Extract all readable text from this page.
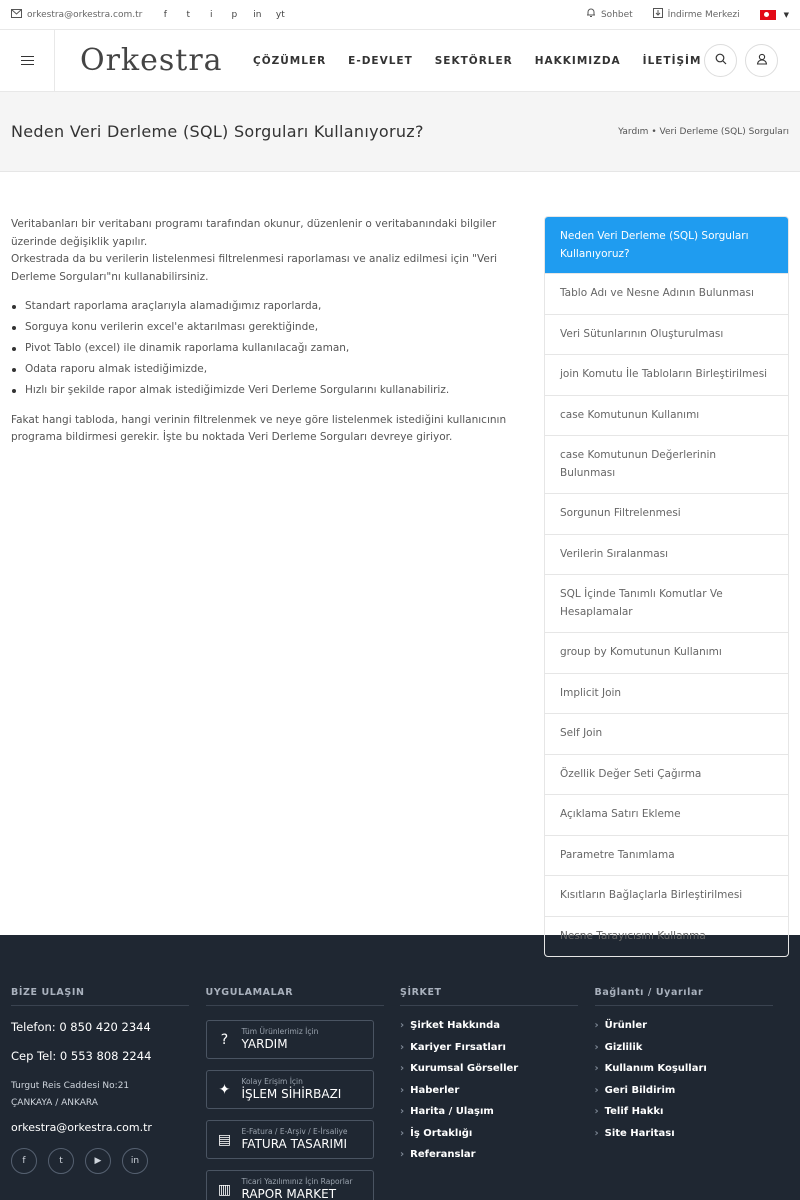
orkestra@orkestra.com.tr	f	t	i	p in yt	Sohbet	İndirme Merkezi	▼
Orkestra	ÇÖZÜMLER E-DEVLET SEKTÖRLER HAKKIMIZDA İLETİŞİM
Neden Veri Derleme (SQL) Sorguları Kullanıyoruz?	Yardım • Veri Derleme (SQL) Sorguları

Veritabanları bir veritabanı programı tarafından okunur, düzenlenir o veritabanındaki bilgiler üzerinde değişiklik yapılır.

Orkestrada da bu verilerin listelenmesi filtrelenmesi raporlaması ve analiz edilmesi için "Veri Derleme Sorguları"nı kullanabilirsiniz.

Standart raporlama araçlarıyla alamadığımız raporlarda,
Sorguya konu verilerin excel'e aktarılması gerektiğinde,
Pivot Tablo (excel) ile dinamik raporlama kullanılacağı zaman,
Odata raporu almak istediğimizde,
Hızlı bir şekilde rapor almak istediğimizde Veri Derleme Sorgularını kullanabiliriz.

Fakat hangi tabloda, hangi verinin filtrelenmek ve neye göre listelenmek istediğini kullanıcının programa bildirmesi gerekir. İşte bu noktada Veri Derleme Sorguları devreye giriyor.

Neden Veri Derleme (SQL) Sorguları Kullanıyoruz?
Tablo Adı ve Nesne Adının Bulunması
Veri Sütunlarının Oluşturulması
join Komutu İle Tabloların Birleştirilmesi
case Komutunun Kullanımı
case Komutunun Değerlerinin Bulunması
Sorgunun Filtrelenmesi
Verilerin Sıralanması
SQL İçinde Tanımlı Komutlar Ve Hesaplamalar
group by Komutunun Kullanımı
Implicit Join
Self Join
Özellik Değer Seti Çağırma
Açıklama Satırı Ekleme
Parametre Tanımlama
Kısıtların Bağlaçlarla Birleştirilmesi
Nesne Tarayıcısını Kullanma
BİZE ULAŞIN
Telefon: 0 850 420 2344
Cep Tel: 0 553 808 2244
Turgut Reis Caddesi No:21
ÇANKAYA / ANKARA
orkestra@orkestra.com.tr
f	t	▶	in
UYGULAMALAR
?	Tüm Ürünlerimiz İçin
YARDIM
✦	Kolay Erişim İçin
İŞLEM SİHİRBAZI
▤	E-Fatura / E-Arşiv / E-İrsaliye
FATURA TASARIMI
▥	Ticari Yazılımınız İçin Raporlar
RAPOR MARKET
ŞİRKET
› Şirket Hakkında
› Kariyer Fırsatları
› Kurumsal Görseller
› Haberler
› Harita / Ulaşım
› İş Ortaklığı
› Referanslar
Bağlantı / Uyarılar
› Ürünler
› Gizlilik
› Kullanım Koşulları
› Geri Bildirim
› Telif Hakkı
› Site Haritası
